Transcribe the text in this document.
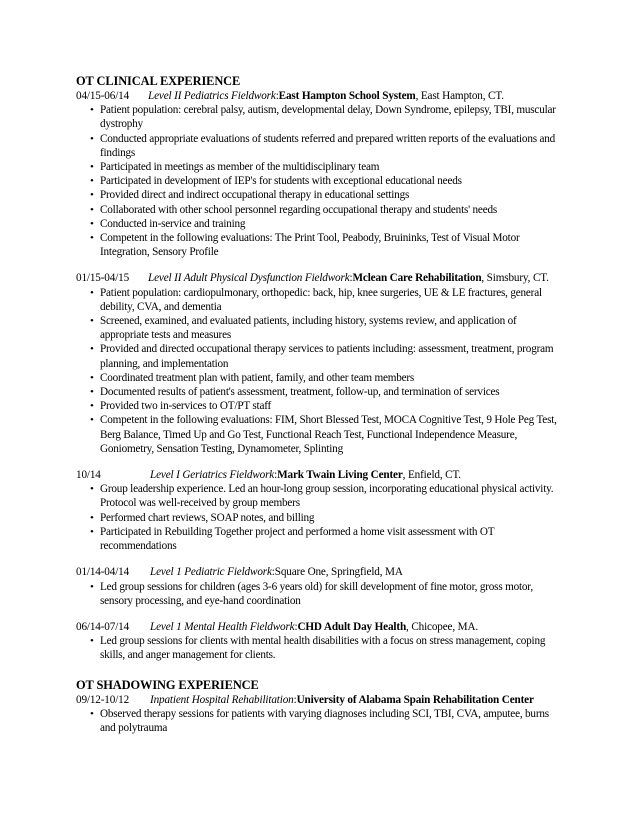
OT CLINICAL EXPERIENCE
04/15-06/14 Level II Pediatrics Fieldwork:East Hampton School System, East Hampton, CT.
• Patient population: cerebral palsy, autism, developmental delay, Down Syndrome, epilepsy, TBI, muscular dystrophy
• Conducted appropriate evaluations of students referred and prepared written reports of the evaluations and findings
• Participated in meetings as member of the multidisciplinary team
• Participated in development of IEP's for students with exceptional educational needs
• Provided direct and indirect occupational therapy in educational settings
• Collaborated with other school personnel regarding occupational therapy and students' needs
• Conducted in-service and training
• Competent in the following evaluations: The Print Tool, Peabody, Bruininks, Test of Visual Motor Integration, Sensory Profile
01/15-04/15 Level II Adult Physical Dysfunction Fieldwork:Mclean Care Rehabilitation, Simsbury, CT.
• Patient population: cardiopulmonary, orthopedic: back, hip, knee surgeries, UE & LE fractures, general debility, CVA, and dementia
• Screened, examined, and evaluated patients, including history, systems review, and application of appropriate tests and measures
• Provided and directed occupational therapy services to patients including: assessment, treatment, program planning, and implementation
• Coordinated treatment plan with patient, family, and other team members
• Documented results of patient's assessment, treatment, follow-up, and termination of services
• Provided two in-services to OT/PT staff
• Competent in the following evaluations: FIM, Short Blessed Test, MOCA Cognitive Test, 9 Hole Peg Test, Berg Balance, Timed Up and Go Test, Functional Reach Test, Functional Independence Measure, Goniometry, Sensation Testing, Dynamometer, Splinting
10/14	Level I Geriatrics Fieldwork:Mark Twain Living Center, Enfield, CT.
• Group leadership experience. Led an hour-long group session, incorporating educational physical activity. Protocol was well-received by group members
• Performed chart reviews, SOAP notes, and billing
• Participated in Rebuilding Together project and performed a home visit assessment with OT recommendations
01/14-04/14 Level 1 Pediatric Fieldwork:Square One, Springfield, MA
• Led group sessions for children (ages 3-6 years old) for skill development of fine motor, gross motor, sensory processing, and eye-hand coordination
06/14-07/14 Level 1 Mental Health Fieldwork:CHD Adult Day Health, Chicopee, MA.
• Led group sessions for clients with mental health disabilities with a focus on stress management, coping skills, and anger management for clients.
OT SHADOWING EXPERIENCE
09/12-10/12 Inpatient Hospital Rehabilitation:University of Alabama Spain Rehabilitation Center
• Observed therapy sessions for patients with varying diagnoses including SCI, TBI, CVA, amputee, burns and polytrauma
